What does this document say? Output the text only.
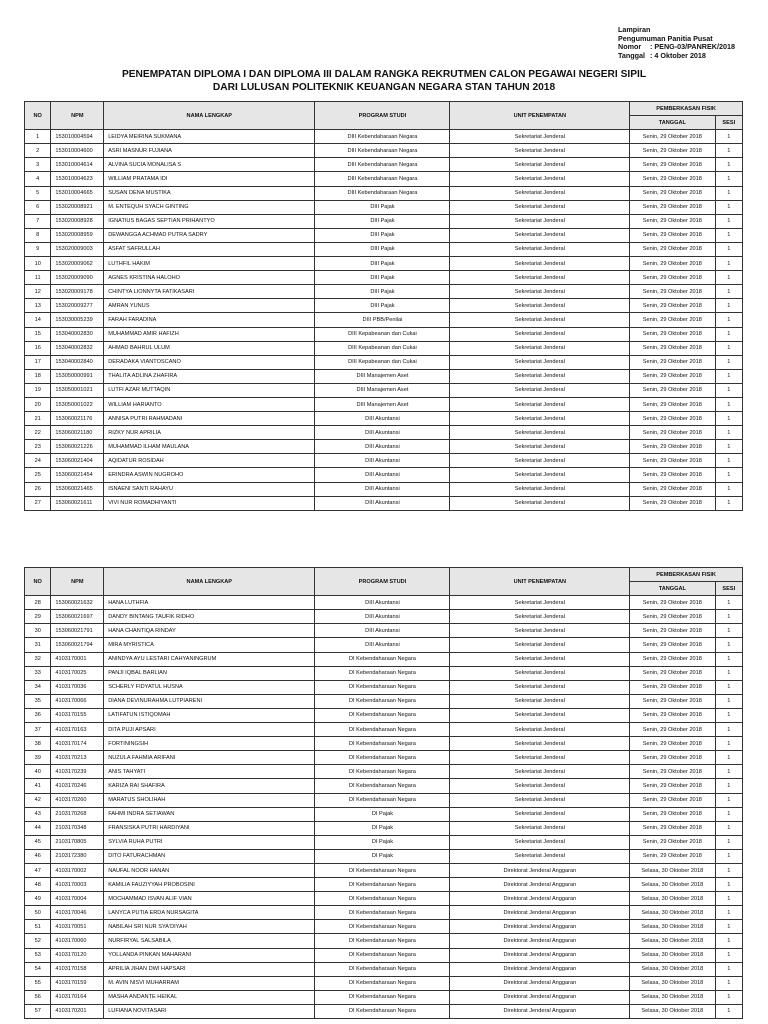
Lampiran
Pengumuman Panitia Pusat
Nomor	: PENG-03/PANREK/2018
Tanggal : 4 Oktober 2018
PENEMPATAN DIPLOMA I DAN DIPLOMA III DALAM RANGKA REKRUTMEN CALON PEGAWAI NEGERI SIPIL
DARI LULUSAN POLITEKNIK KEUANGAN NEGARA STAN TAHUN 2018
NO	NPM	NAMA LENGKAP	PROGRAM STUDI	UNIT PENEMPATAN	PEMBERKASAN FISIK	
					TANGGAL	SESI
1	153010004594	LEIDYA MEIRINA SUKMANA	DIII Kebendaharaan Negara	Sekretariat Jenderal	Senin, 29 Oktober 2018	1
2	153010004600	ASRI MASNUR FUJIANA	DIII Kebendaharaan Negara	Sekretariat Jenderal	Senin, 29 Oktober 2018	1
3	153010004614	ALVINA SUCIA MONALISA S	DIII Kebendaharaan Negara	Sekretariat Jenderal	Senin, 29 Oktober 2018	1
4	153010004623	WILLIAM PRATAMA IDI	DIII Kebendaharaan Negara	Sekretariat Jenderal	Senin, 29 Oktober 2018	1
5	153010004665	SUSAN DENA MUSTIKA	DIII Kebendaharaan Negara	Sekretariat Jenderal	Senin, 29 Oktober 2018	1
6	153020008921	M. ENTEQUH SYACH GINTING	DIII Pajak	Sekretariat Jenderal	Senin, 29 Oktober 2018	1
7	153020008928	IGNATIUS BAGAS SEPTIAN PRIHANTYO	DIII Pajak	Sekretariat Jenderal	Senin, 29 Oktober 2018	1
8	153020008959	DEWANGGA ACHMAD PUTRA SADRY	DIII Pajak	Sekretariat Jenderal	Senin, 29 Oktober 2018	1
9	153020009003	ASFAT SAFRULLAH	DIII Pajak	Sekretariat Jenderal	Senin, 29 Oktober 2018	1
10	153020009062	LUTHFIL HAKIM	DIII Pajak	Sekretariat Jenderal	Senin, 29 Oktober 2018	1
11	153020009090	AGNES KRISTINA HALOHO	DIII Pajak	Sekretariat Jenderal	Senin, 29 Oktober 2018	1
12	153020009178	CHINTYA LIONNYTA FATIKASARI	DIII Pajak	Sekretariat Jenderal	Senin, 29 Oktober 2018	1
13	153020009277	AMRAN YUNUS	DIII Pajak	Sekretariat Jenderal	Senin, 29 Oktober 2018	1
14	153030005239	FARAH FARADINA	DIII PBB/Penilai	Sekretariat Jenderal	Senin, 29 Oktober 2018	1
15	153040002830	MUHAMMAD AMIR HAFIZH	DIII Kepabeanan dan Cukai	Sekretariat Jenderal	Senin, 29 Oktober 2018	1
16	153040002832	AHMAD BAHRUL ULUM	DIII Kepabeanan dan Cukai	Sekretariat Jenderal	Senin, 29 Oktober 2018	1
17	153040002840	DERADAKA VIANTOSCANO	DIII Kepabeanan dan Cukai	Sekretariat Jenderal	Senin, 29 Oktober 2018	1
18	153050000991	THALITA ADLINA ZHAFIRA	DIII Manajemen Aset	Sekretariat Jenderal	Senin, 29 Oktober 2018	1
19	153050001021	LUTFI AZAR MUTTAQIN	DIII Manajemen Aset	Sekretariat Jenderal	Senin, 29 Oktober 2018	1
20	153050001022	WILLIAM HARIANTO	DIII Manajemen Aset	Sekretariat Jenderal	Senin, 29 Oktober 2018	1
21	153060021176	ANNISA PUTRI RAHMADANI	DIII Akuntansi	Sekretariat Jenderal	Senin, 29 Oktober 2018	1
22	153060021180	RIZKY NUR APRILIA	DIII Akuntansi	Sekretariat Jenderal	Senin, 29 Oktober 2018	1
23	153060021226	MUHAMMAD ILHAM MAULANA	DIII Akuntansi	Sekretariat Jenderal	Senin, 29 Oktober 2018	1
24	153060021404	AQIDATUR ROSIDAH	DIII Akuntansi	Sekretariat Jenderal	Senin, 29 Oktober 2018	1
25	153060021454	ERINDRA ASWIN NUGROHO	DIII Akuntansi	Sekretariat Jenderal	Senin, 29 Oktober 2018	1
26	153060021465	ISNAENI SANTI RAHAYU	DIII Akuntansi	Sekretariat Jenderal	Senin, 29 Oktober 2018	1
27	153060021611	VIVI NUR ROMADHIYANTI	DIII Akuntansi	Sekretariat Jenderal	Senin, 29 Oktober 2018	1
NO	NPM	NAMA LENGKAP	PROGRAM STUDI	UNIT PENEMPATAN	PEMBERKASAN FISIK	
					TANGGAL	SESI
28	153060021632	HANA LUTHFIA	DIII Akuntansi	Sekretariat Jenderal	Senin, 29 Oktober 2018	1
29	153060021697	DANDY BINTANG TAUFIK RIDHO	DIII Akuntansi	Sekretariat Jenderal	Senin, 29 Oktober 2018	1
30	153060021791	HANA CHANTIQA RINDAY	DIII Akuntansi	Sekretariat Jenderal	Senin, 29 Oktober 2018	1
31	153060021794	MIRA MYRISTICA	DIII Akuntansi	Sekretariat Jenderal	Senin, 29 Oktober 2018	1
32	4103170001	ANINDYA AYU LESTARI CAHYANINGRUM	DI Kebendaharaan Negara	Sekretariat Jenderal	Senin, 29 Oktober 2018	1
33	4103170025	PANJI IQBAL BARLIAN	DI Kebendaharaan Negara	Sekretariat Jenderal	Senin, 29 Oktober 2018	1
34	4103170036	SCHERLY FIDYATUL HUSNA	DI Kebendaharaan Negara	Sekretariat Jenderal	Senin, 29 Oktober 2018	1
35	4103170066	DIANA DEVINURAHMA LUTPIARENI	DI Kebendaharaan Negara	Sekretariat Jenderal	Senin, 29 Oktober 2018	1
36	4103170155	LATIFATUN ISTIQOMAH	DI Kebendaharaan Negara	Sekretariat Jenderal	Senin, 29 Oktober 2018	1
37	4103170163	DITA PUJI APSARI	DI Kebendaharaan Negara	Sekretariat Jenderal	Senin, 29 Oktober 2018	1
38	4103170174	FORTININGSIH	DI Kebendaharaan Negara	Sekretariat Jenderal	Senin, 29 Oktober 2018	1
39	4103170213	NUZULA FAHMIA ARIFANI	DI Kebendaharaan Negara	Sekretariat Jenderal	Senin, 29 Oktober 2018	1
40	4103170239	ANIS TAHYATI	DI Kebendaharaan Negara	Sekretariat Jenderal	Senin, 29 Oktober 2018	1
41	4103170246	KARIZA RAI SHAFIRA	DI Kebendaharaan Negara	Sekretariat Jenderal	Senin, 29 Oktober 2018	1
42	4103170260	MARATUS SHOLIHAH	DI Kebendaharaan Negara	Sekretariat Jenderal	Senin, 29 Oktober 2018	1
43	2103170268	FAHMI INDRA SETIAWAN	DI Pajak	Sekretariat Jenderal	Senin, 29 Oktober 2018	1
44	2103170348	FRANSISKA PUTRI HARDIYANI	DI Pajak	Sekretariat Jenderal	Senin, 29 Oktober 2018	1
45	2103170805	SYLVIA RUHA PUTRI	DI Pajak	Sekretariat Jenderal	Senin, 29 Oktober 2018	1
46	2103172380	DITO FATURACHMAN	DI Pajak	Sekretariat Jenderal	Senin, 29 Oktober 2018	1
47	4103170002	NAUFAL NOOR HANAN	DI Kebendaharaan Negara	Direktorat Jenderal Anggaran	Selasa, 30 Oktober 2018	1
48	4103170003	KAMILIA FAUZIYYAH PROBOSINI	DI Kebendaharaan Negara	Direktorat Jenderal Anggaran	Selasa, 30 Oktober 2018	1
49	4103170004	MOCHAMMAD ISVAN ALIF VIAN	DI Kebendaharaan Negara	Direktorat Jenderal Anggaran	Selasa, 30 Oktober 2018	1
50	4103170046	LANYCA PUTIA ERDA NURSAGITA	DI Kebendaharaan Negara	Direktorat Jenderal Anggaran	Selasa, 30 Oktober 2018	1
51	4103170051	NABILAH SRI NUR SYA'DIYAH	DI Kebendaharaan Negara	Direktorat Jenderal Anggaran	Selasa, 30 Oktober 2018	1
52	4103170060	NURFIRYAL SALSABILA	DI Kebendaharaan Negara	Direktorat Jenderal Anggaran	Selasa, 30 Oktober 2018	1
53	4103170120	YOLLANDA PINKAN MAHARANI	DI Kebendaharaan Negara	Direktorat Jenderal Anggaran	Selasa, 30 Oktober 2018	1
54	4103170158	APRILIA JIHAN DWI HAPSARI	DI Kebendaharaan Negara	Direktorat Jenderal Anggaran	Selasa, 30 Oktober 2018	1
55	4103170159	M. AVIN NISVI MUHARRAM	DI Kebendaharaan Negara	Direktorat Jenderal Anggaran	Selasa, 30 Oktober 2018	1
56	4103170164	MASHA ANDANTE HEIKAL	DI Kebendaharaan Negara	Direktorat Jenderal Anggaran	Selasa, 30 Oktober 2018	1
57	4103170201	LUFIANA NOVITASARI	DI Kebendaharaan Negara	Direktorat Jenderal Anggaran	Selasa, 30 Oktober 2018	1
